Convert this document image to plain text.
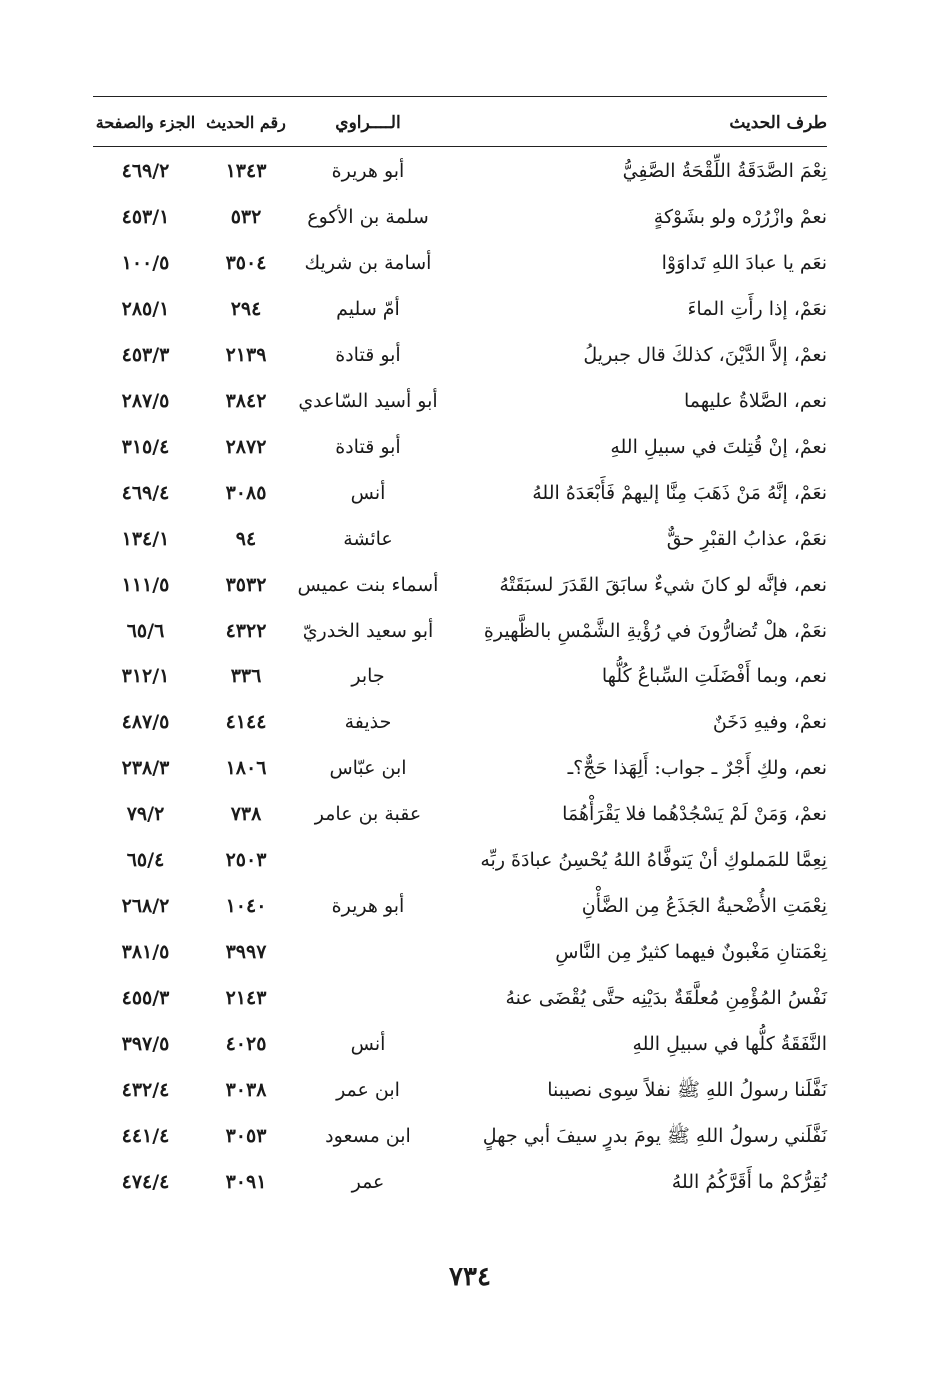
طرف الحديث
الــــراوي
رقم الحديث
الجزء والصفحة
نِعْمَ الصَّدَقَةُ اللِّقْحَةُ الصَّفِيُّ
أبو هريرة
١٣٤٣
٤٦٩/٢
نعمْ وازْرُرْه ولو بشَوْكةٍ
سلمة بن الأكوع
٥٣٢
٤٥٣/١
نعَم يا عبادَ اللهِ تَداوَوْا
أسامة بن شريك
٣٥٠٤
١٠٠/٥
نعَمْ، إذا رأَتِ الماءَ
أمّ سليم
٢٩٤
٢٨٥/١
نعمْ، إلاَّ الدَّيْنَ، كذلكَ قال جبريلُ
أبو قتادة
٢١٣٩
٤٥٣/٣
نعم، الصَّلاةُ عليهما
أبو أسيد السّاعدي
٣٨٤٢
٢٨٧/٥
نعمْ، إنْ قُتِلتَ في سبيلِ اللهِ
أبو قتادة
٢٨٧٢
٣١٥/٤
نعَمْ، إنَّهُ مَنْ ذَهَبَ مِنَّا إليهمْ فَأَبْعَدَهُ اللهُ
أنس
٣٠٨٥
٤٦٩/٤
نعَمْ، عذابُ القبْرِ حقٌّ
عائشة
٩٤
١٣٤/١
نعم، فإنَّه لو كانَ شيءٌ سابَقَ القَدَرَ لسبَقَتْهُ
أسماء بنت عميس
٣٥٣٢
١١١/٥
نعَمْ، هلْ تُضارُّونَ في رُؤْيةِ الشَّمْسِ بالظَّهيرةِ
أبو سعيد الخدريّ
٤٣٢٢
٦٥/٦
نعم، وبما أَفْضَلَتِ السِّباعُ كُلُّها
جابر
٣٣٦
٣١٢/١
نعمْ، وفيهِ دَخَنٌ
حذيفة
٤١٤٤
٤٨٧/٥
نعم، ولكِ أَجْرٌ ـ جواب: أَلِهَذا حَجٌّ؟ـ
ابن عبّاس
١٨٠٦
٢٣٨/٣
نعمْ، وَمَنْ لَمْ يَسْجُدْهُما فلا يَقْرَأْهُمَا
عقبة بن عامر
٧٣٨
٧٩/٢
نِعِمَّا للمَملوكِ أنْ يَتوفَّاهُ اللهُ يُحْسِنُ عبادَةَ ربِّه
٢٥٠٣
٦٥/٤
نِعْمَتِ الأُضْحيةُ الجَذَعُ مِن الضَّأْنِ
أبو هريرة
١٠٤٠
٢٦٨/٢
نِعْمَتانِ مَغْبونٌ فيهما كثيرٌ مِن النَّاسِ
٣٩٩٧
٣٨١/٥
نَفْسُ المُؤْمِنِ مُعلَّقَةٌ بدَيْنِه حتَّى يُقْضَى عنهُ
٢١٤٣
٤٥٥/٣
النَّفَقَةُ كلُّها في سبيلِ اللهِ
أنس
٤٠٢٥
٣٩٧/٥
نَفَّلَنا رسولُ اللهِ ﷺ نفلاً سِوى نصيبنا
ابن عمر
٣٠٣٨
٤٣٢/٤
نَفَّلَني رسولُ اللهِ ﷺ يومَ بدرٍ سيفَ أبي جهلٍ
ابن مسعود
٣٠٥٣
٤٤١/٤
نُقِرُّكمْ ما أَقَرَّكُمُ اللهُ
عمر
٣٠٩١
٤٧٤/٤
٧٣٤
